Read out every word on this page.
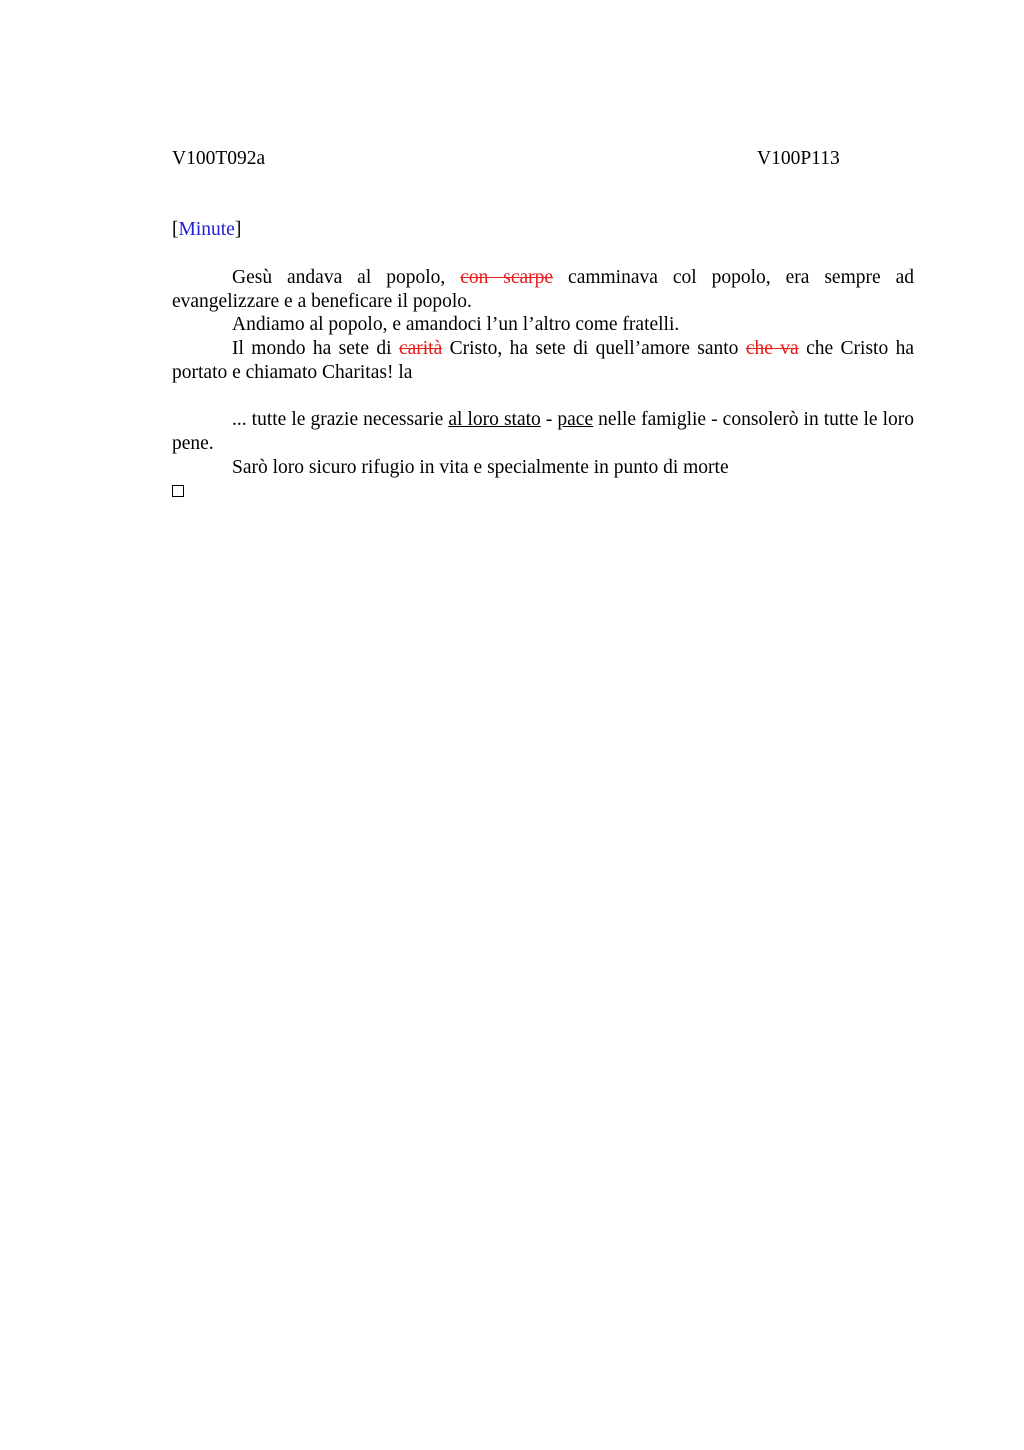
V100T092a	V100P113
[Minute]

Gesù andava al popolo, con scarpe camminava col popolo, era sempre ad evangelizzare e a beneficare il popolo.

Andiamo al popolo, e amandoci l’un l’altro come fratelli.

Il mondo ha sete di carità Cristo, ha sete di quell’amore santo che va che Cristo ha portato e chiamato Charitas! la

... tutte le grazie necessarie al loro stato - pace nelle famiglie - consolerò in tutte le loro pene.

Sarò loro sicuro rifugio in vita e specialmente in punto di morte
